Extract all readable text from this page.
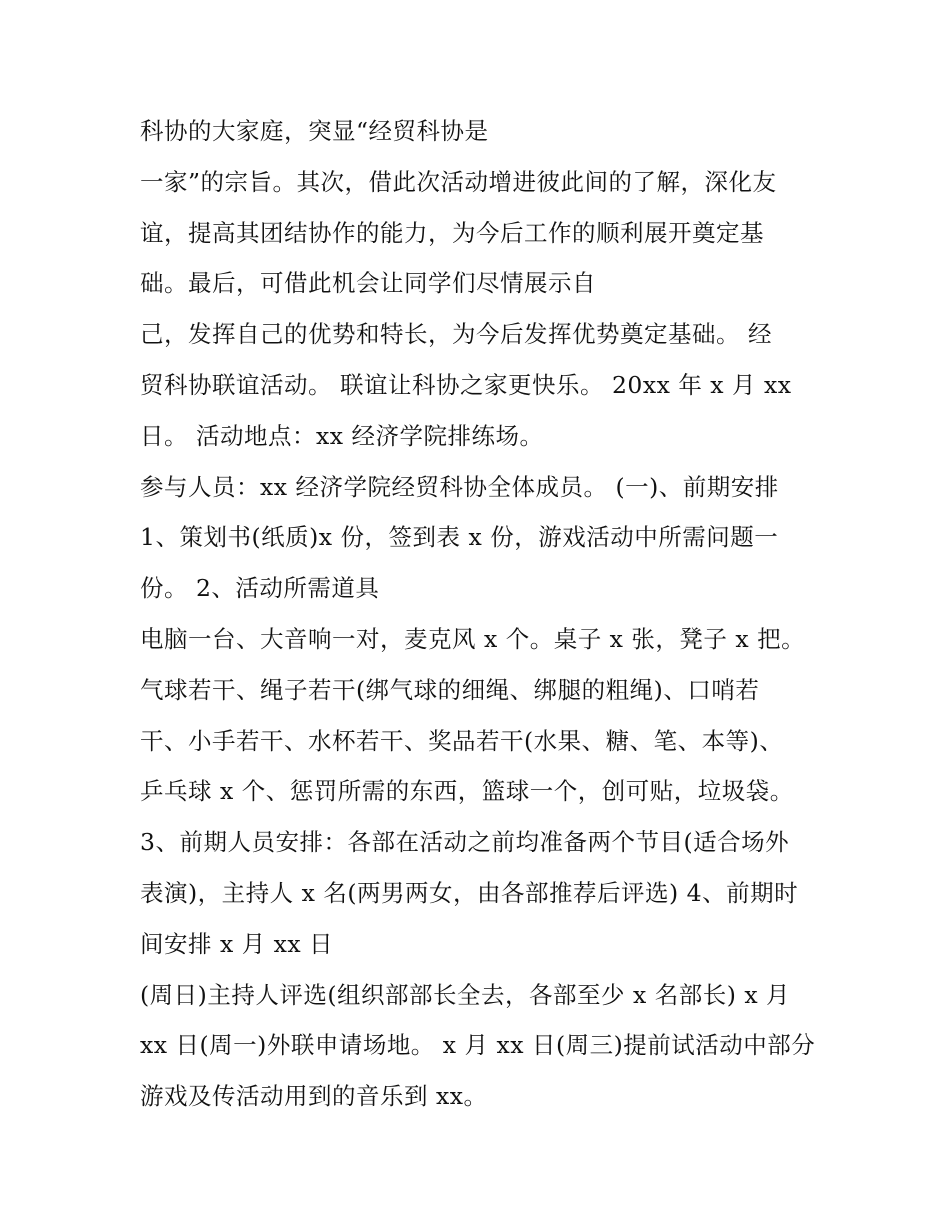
科协的大家庭，突显“经贸科协是
一家”的宗旨。其次，借此次活动增进彼此间的了解，深化友
谊，提高其团结协作的能力，为今后工作的顺利展开奠定基
础。最后，可借此机会让同学们尽情展示自
己，发挥自己的优势和特长，为今后发挥优势奠定基础。 经
贸科协联谊活动。 联谊让科协之家更快乐。 20xx 年 x 月 xx
日。 活动地点：xx 经济学院排练场。
参与人员：xx 经济学院经贸科协全体成员。 (一)、前期安排
1、策划书(纸质)x 份，签到表 x 份，游戏活动中所需问题一
份。 2、活动所需道具
电脑一台、大音响一对，麦克风 x 个。桌子 x 张，凳子 x 把。
气球若干、绳子若干(绑气球的细绳、绑腿的粗绳)、口哨若
干、小手若干、水杯若干、奖品若干(水果、糖、笔、本等)、
乒乓球 x 个、惩罚所需的东西，篮球一个，创可贴，垃圾袋。
3、前期人员安排：各部在活动之前均准备两个节目(适合场外
表演)，主持人 x 名(两男两女，由各部推荐后评选) 4、前期时
间安排 x 月 xx 日
(周日)主持人评选(组织部部长全去，各部至少 x 名部长) x 月
xx 日(周一)外联申请场地。 x 月 xx 日(周三)提前试活动中部分
游戏及传活动用到的音乐到 xx。
